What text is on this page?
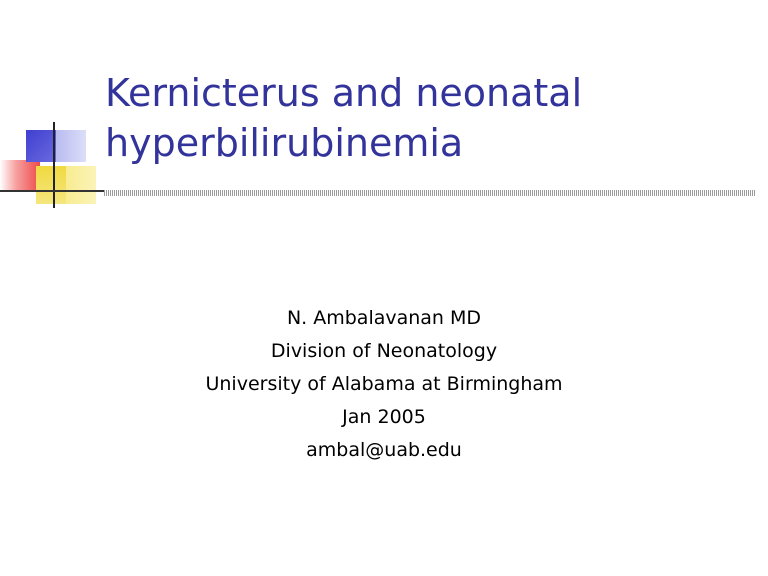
Kernicterus and neonatal
hyperbilirubinemia
N. Ambalavanan MD
Division of Neonatology
University of Alabama at Birmingham
Jan 2005
ambal@uab.edu
